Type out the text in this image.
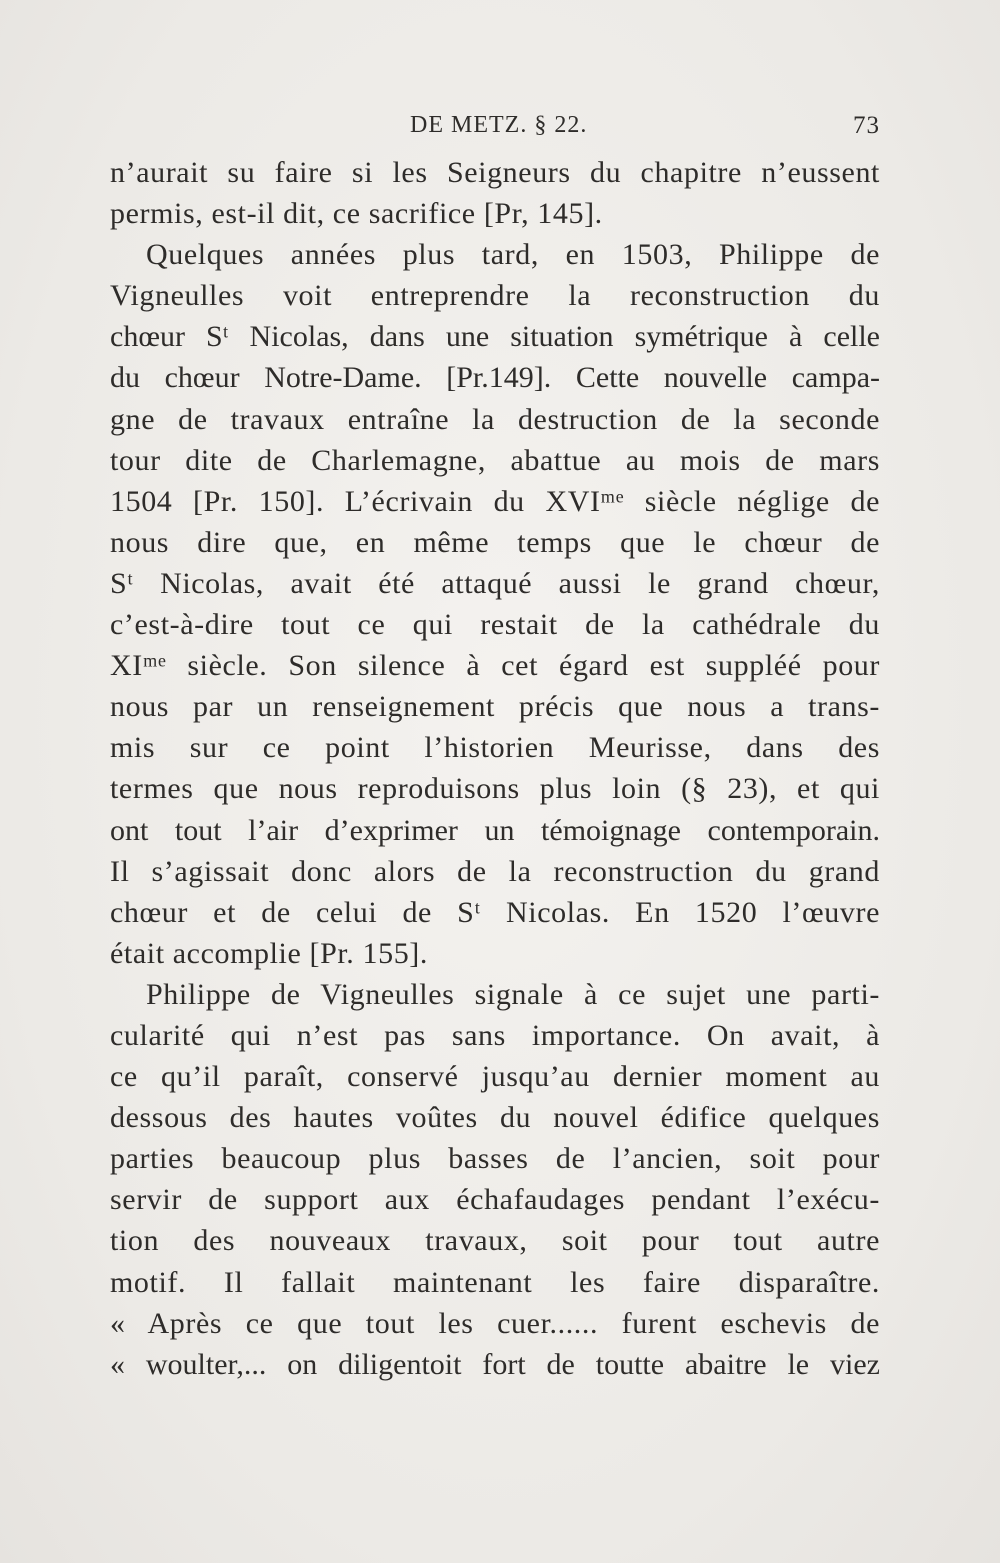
DE METZ. § 22.	73
n’aurait su faire si les Seigneurs du chapitre n’eussent
permis, est-il dit, ce sacrifice [Pr, 145].
Quelques années plus tard, en 1503, Philippe de
Vigneulles voit entreprendre la reconstruction du
chœur Sᵗ Nicolas, dans une situation symétrique à celle
du chœur Notre-Dame. [Pr.149]. Cette nouvelle campa-
gne de travaux entraîne la destruction de la seconde
tour dite de Charlemagne, abattue au mois de mars
1504 [Pr. 150]. L’écrivain du XVIᵐᵉ siècle néglige de
nous dire que, en même temps que le chœur de
Sᵗ Nicolas, avait été attaqué aussi le grand chœur,
c’est-à-dire tout ce qui restait de la cathédrale du
XIᵐᵉ siècle. Son silence à cet égard est suppléé pour
nous par un renseignement précis que nous a trans-
mis sur ce point l’historien Meurisse, dans des
termes que nous reproduisons plus loin (§ 23), et qui
ont tout l’air d’exprimer un témoignage contemporain.
Il s’agissait donc alors de la reconstruction du grand
chœur et de celui de Sᵗ Nicolas. En 1520 l’œuvre
était accomplie [Pr. 155].
Philippe de Vigneulles signale à ce sujet une parti-
cularité qui n’est pas sans importance. On avait, à
ce qu’il paraît, conservé jusqu’au dernier moment au
dessous des hautes voûtes du nouvel édifice quelques
parties beaucoup plus basses de l’ancien, soit pour
servir de support aux échafaudages pendant l’exécu-
tion des nouveaux travaux, soit pour tout autre
motif. Il fallait maintenant les faire disparaître.
« Après ce que tout les cuer...... furent eschevis de
« woulter,... on diligentoit fort de toutte abaitre le viez
